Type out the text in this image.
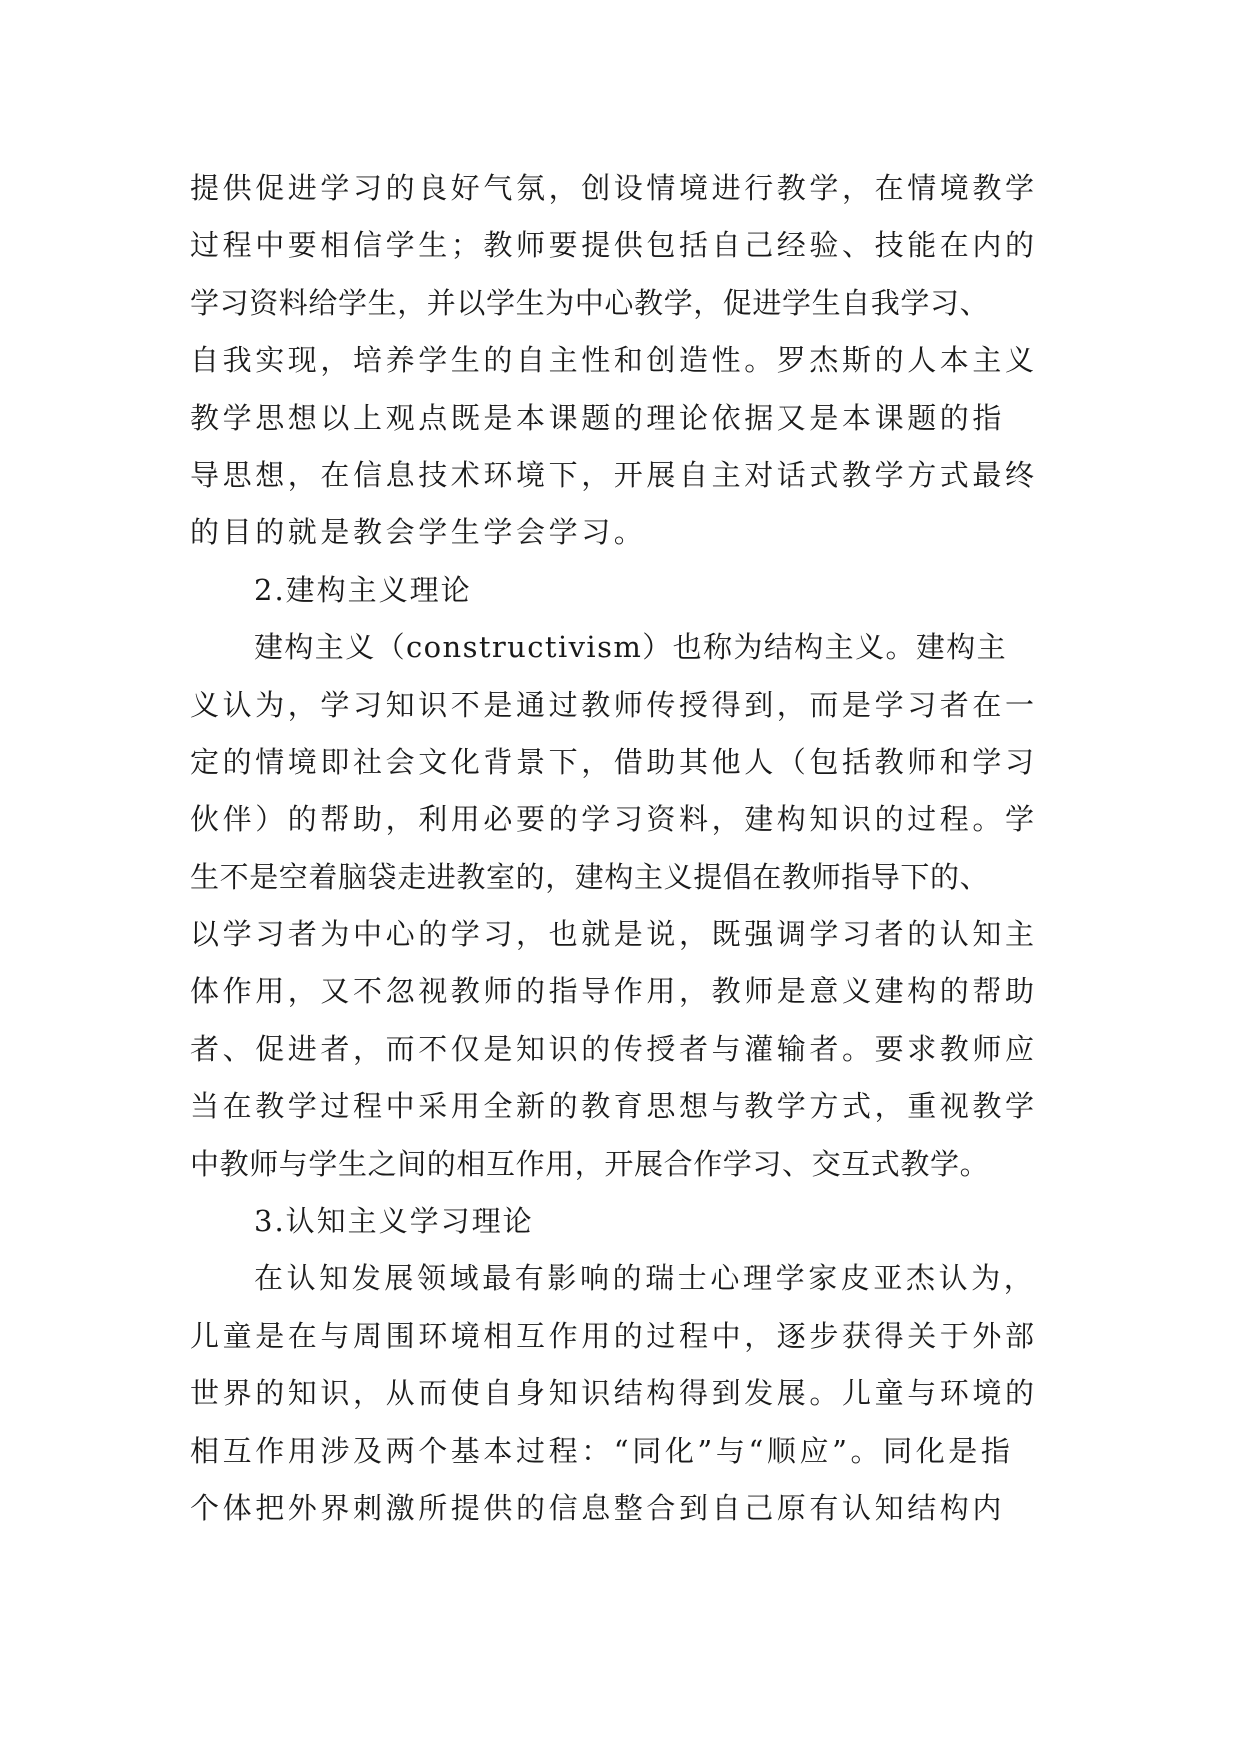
提供促进学习的良好气氛，创设情境进行教学，在情境教学
过程中要相信学生；教师要提供包括自己经验、技能在内的
学习资料给学生，并以学生为中心教学，促进学生自我学习、
自我实现，培养学生的自主性和创造性。罗杰斯的人本主义
教学思想以上观点既是本课题的理论依据又是本课题的指
导思想，在信息技术环境下，开展自主对话式教学方式最终
的目的就是教会学生学会学习。
2.建构主义理论
建构主义（constructivism）也称为结构主义。建构主
义认为，学习知识不是通过教师传授得到，而是学习者在一
定的情境即社会文化背景下，借助其他人（包括教师和学习
伙伴）的帮助，利用必要的学习资料，建构知识的过程。学
生不是空着脑袋走进教室的，建构主义提倡在教师指导下的、
以学习者为中心的学习，也就是说，既强调学习者的认知主
体作用，又不忽视教师的指导作用，教师是意义建构的帮助
者、促进者，而不仅是知识的传授者与灌输者。要求教师应
当在教学过程中采用全新的教育思想与教学方式，重视教学
中教师与学生之间的相互作用，开展合作学习、交互式教学。
3.认知主义学习理论
在认知发展领域最有影响的瑞士心理学家皮亚杰认为，
儿童是在与周围环境相互作用的过程中，逐步获得关于外部
世界的知识，从而使自身知识结构得到发展。儿童与环境的
相互作用涉及两个基本过程：“同化”与“顺应”。同化是指
个体把外界刺激所提供的信息整合到自己原有认知结构内
